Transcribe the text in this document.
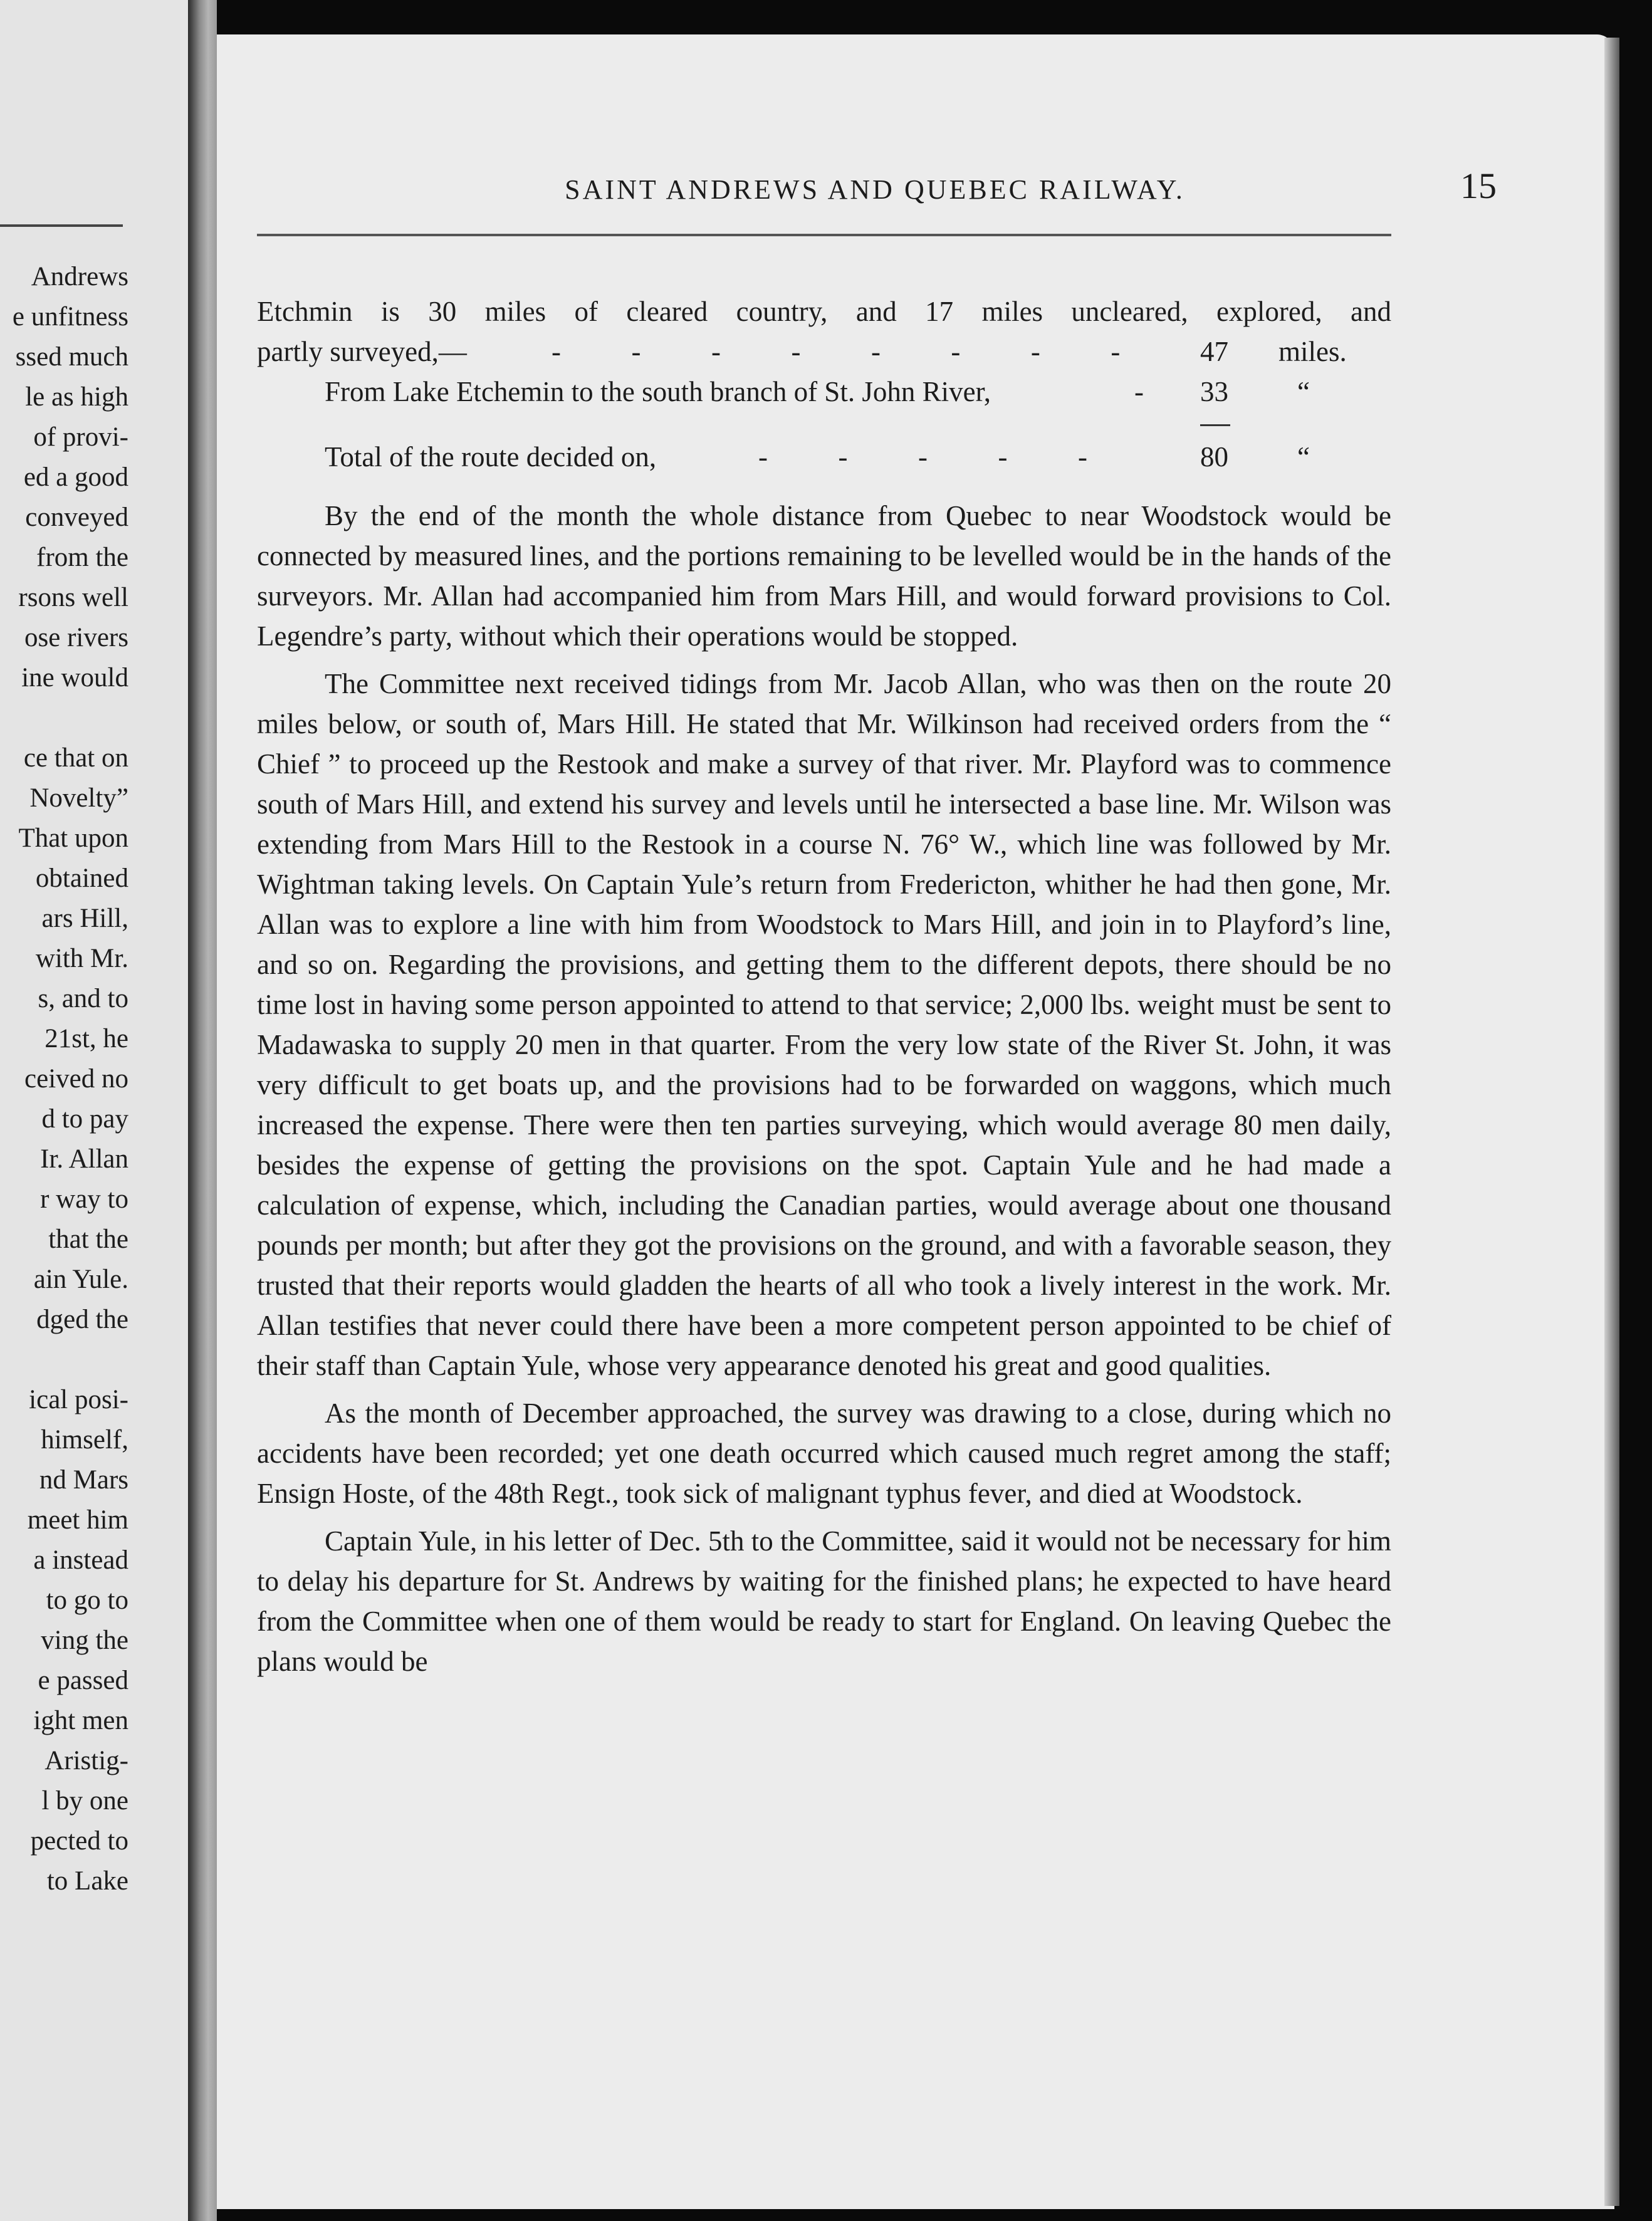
Andrews
e unfitness
ssed much
le as high
of provi-
ed a good
conveyed
from the
rsons well
ose rivers
ine would
ce that on
Novelty”
That upon
obtained
ars Hill,
with Mr.
s, and to
21st, he
ceived no
d to pay
Ir. Allan
r way to
that the
ain Yule.
dged the
ical posi-
himself,
nd Mars
meet him
a instead
to go to
ving the
e passed
ight men
Aristig-
l by one
pected to
to Lake
SAINT ANDREWS AND QUEBEC RAILWAY.	15

Etchmin is 30 miles of cleared country, and 17 miles uncleared, explored, and

partly surveyed,—	-          -          -          -          -          -          -          -	47 miles.
From Lake Etchemin to the south branch of St. John River,	- 33 “
Total of the route decided on,	-          -          -          -          -	80 “

By the end of the month the whole distance from Quebec to near Woodstock would be connected by measured lines, and the portions remaining to be levelled would be in the hands of the surveyors. Mr. Allan had accompanied him from Mars Hill, and would forward provisions to Col. Legendre’s party, without which their operations would be stopped.

The Committee next received tidings from Mr. Jacob Allan, who was then on the route 20 miles below, or south of, Mars Hill. He stated that Mr. Wilkinson had received orders from the “ Chief ” to proceed up the Restook and make a survey of that river. Mr. Playford was to commence south of Mars Hill, and extend his survey and levels until he intersected a base line. Mr. Wilson was extending from Mars Hill to the Restook in a course N. 76° W., which line was followed by Mr. Wightman taking levels. On Captain Yule’s return from Fredericton, whither he had then gone, Mr. Allan was to explore a line with him from Woodstock to Mars Hill, and join in to Playford’s line, and so on. Regarding the provisions, and getting them to the different depots, there should be no time lost in having some person appointed to attend to that service; 2,000 lbs. weight must be sent to Madawaska to supply 20 men in that quarter. From the very low state of the River St. John, it was very difficult to get boats up, and the provisions had to be forwarded on waggons, which much increased the expense. There were then ten parties surveying, which would average 80 men daily, besides the expense of getting the provisions on the spot. Captain Yule and he had made a calculation of expense, which, including the Canadian parties, would average about one thousand pounds per month; but after they got the provisions on the ground, and with a favorable season, they trusted that their reports would gladden the hearts of all who took a lively interest in the work. Mr. Allan testifies that never could there have been a more competent person appointed to be chief of their staff than Captain Yule, whose very appearance denoted his great and good qualities.

As the month of December approached, the survey was drawing to a close, during which no accidents have been recorded; yet one death occurred which caused much regret among the staff; Ensign Hoste, of the 48th Regt., took sick of malignant typhus fever, and died at Woodstock.

Captain Yule, in his letter of Dec. 5th to the Committee, said it would not be necessary for him to delay his departure for St. Andrews by waiting for the finished plans; he expected to have heard from the Committee when one of them would be ready to start for England. On leaving Quebec the plans would be
